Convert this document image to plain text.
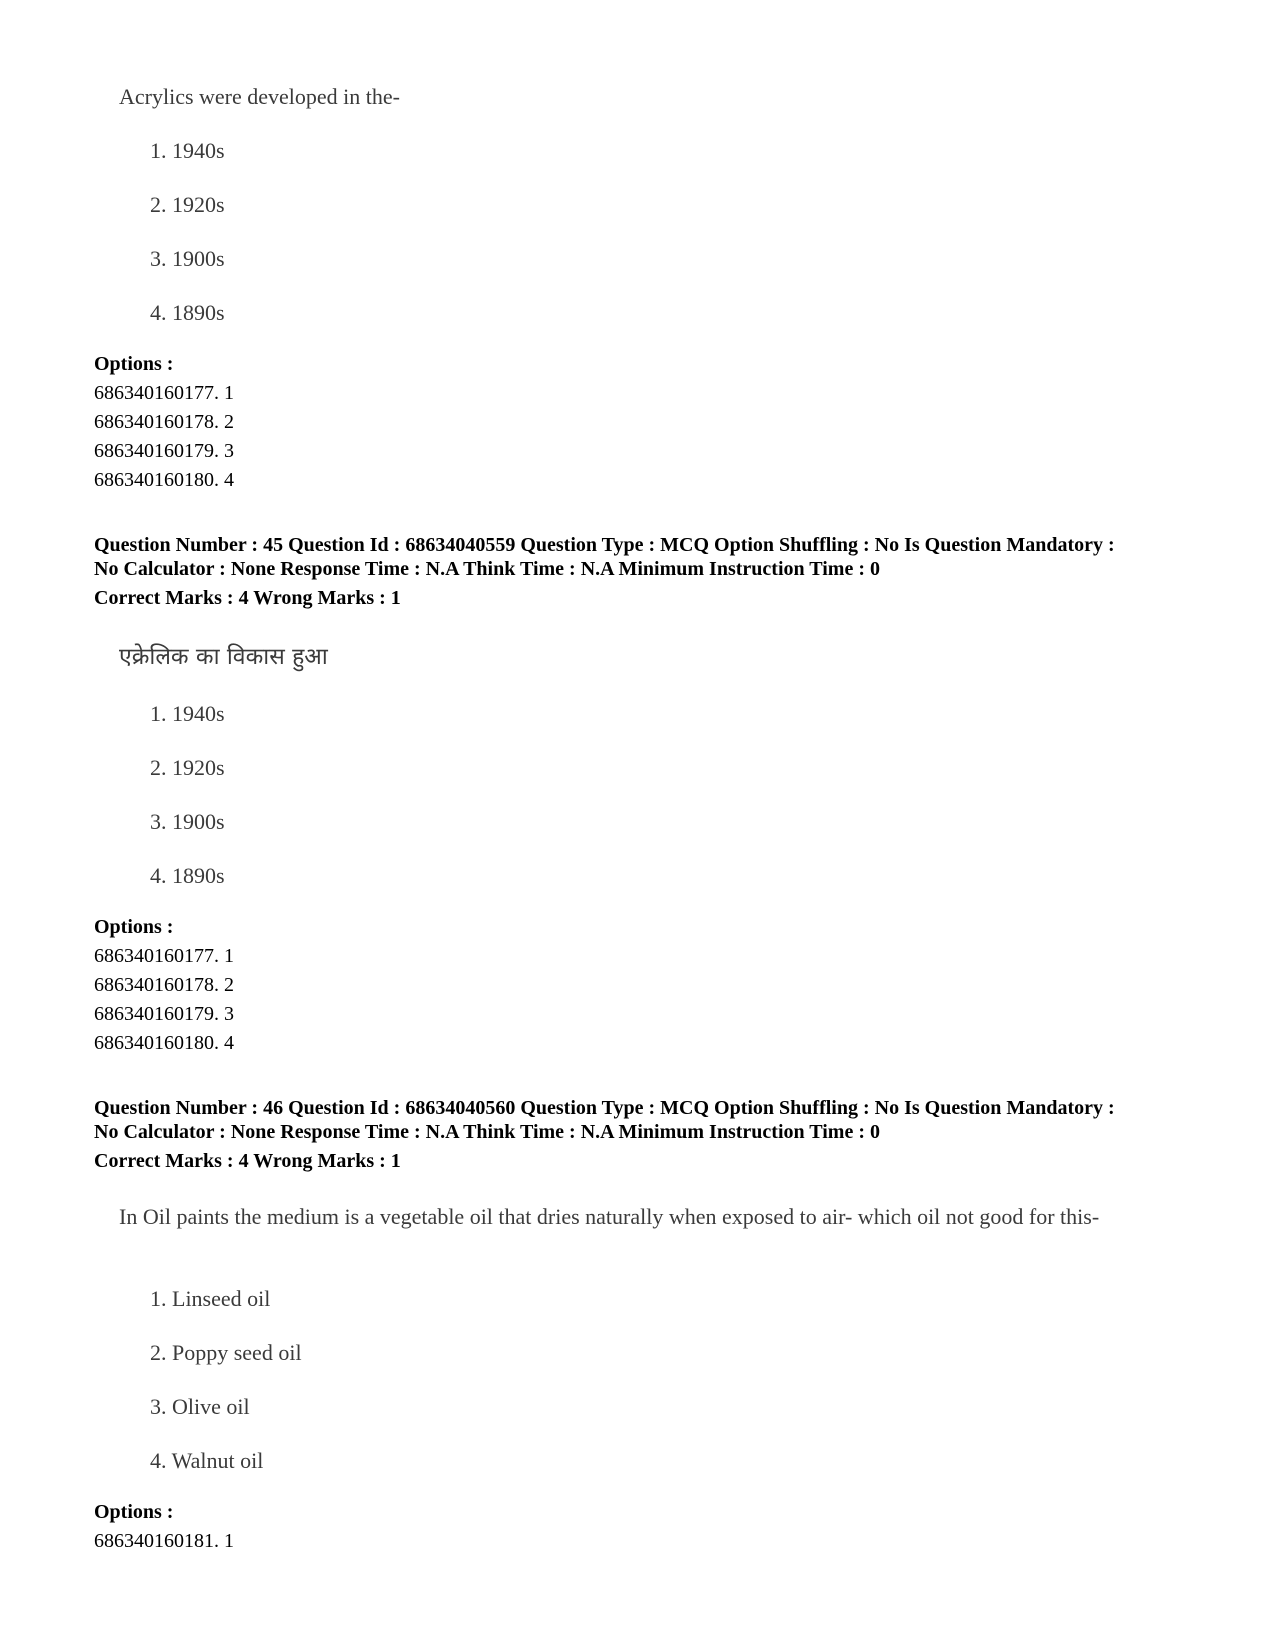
Acrylics were developed in the-
1. 1940s
2. 1920s
3. 1900s
4. 1890s
Options :
686340160177. 1
686340160178. 2
686340160179. 3
686340160180. 4
Question Number : 45 Question Id : 68634040559 Question Type : MCQ Option Shuffling : No Is Question Mandatory :
No Calculator : None Response Time : N.A Think Time : N.A Minimum Instruction Time : 0
Correct Marks : 4 Wrong Marks : 1
एक्रेलिक का विकास हुआ
1. 1940s
2. 1920s
3. 1900s
4. 1890s
Options :
686340160177. 1
686340160178. 2
686340160179. 3
686340160180. 4
Question Number : 46 Question Id : 68634040560 Question Type : MCQ Option Shuffling : No Is Question Mandatory :
No Calculator : None Response Time : N.A Think Time : N.A Minimum Instruction Time : 0
Correct Marks : 4 Wrong Marks : 1
In Oil paints the medium is a vegetable oil that dries naturally when exposed to air- which oil not good for this-
1. Linseed oil
2. Poppy seed oil
3. Olive oil
4. Walnut oil
Options :
686340160181. 1
